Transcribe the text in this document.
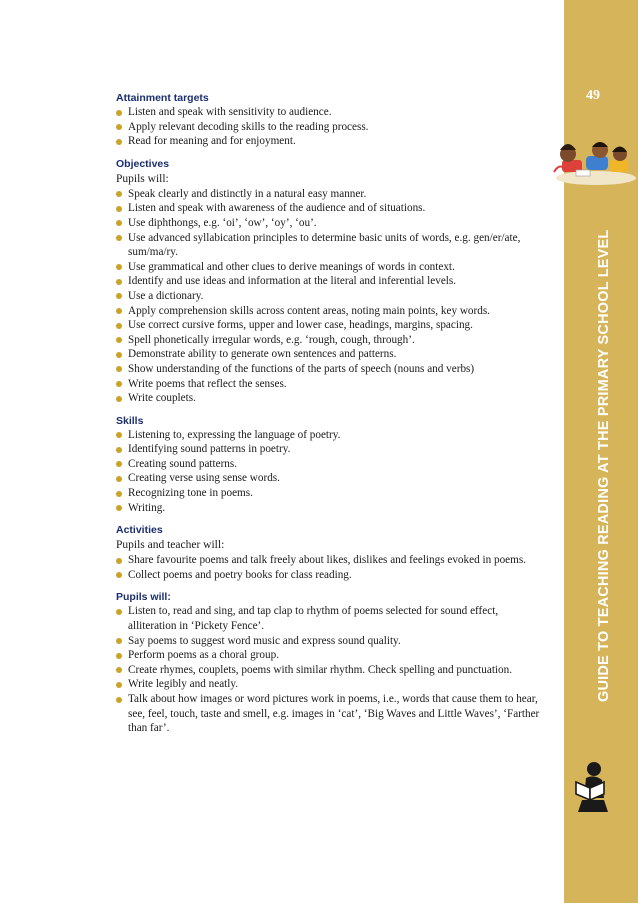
49
GUIDE TO TEACHING READING AT THE PRIMARY SCHOOL LEVEL

Attainment targets

Listen and speak with sensitivity to audience.
Apply relevant decoding skills to the reading process.
Read for meaning and for enjoyment.

Objectives

Pupils will:

Speak clearly and distinctly in a natural easy manner.
Listen and speak with awareness of the audience and of situations.
Use diphthongs, e.g. ‘oi’, ‘ow’, ‘oy’, ‘ou’.
Use advanced syllabication principles to determine basic units of words, e.g. gen/er/ate, sum/ma/ry.
Use grammatical and other clues to derive meanings of words in context.
Identify and use ideas and information at the literal and inferential levels.
Use a dictionary.
Apply comprehension skills across content areas, noting main points, key words.
Use correct cursive forms, upper and lower case, headings, margins, spacing.
Spell phonetically irregular words, e.g. ‘rough, cough, through’.
Demonstrate ability to generate own sentences and patterns.
Show understanding of the functions of the parts of speech (nouns and verbs)
Write poems that reflect the senses.
Write couplets.

Skills

Listening to, expressing the language of poetry.
Identifying sound patterns in poetry.
Creating sound patterns.
Creating verse using sense words.
Recognizing tone in poems.
Writing.

Activities

Pupils and teacher will:

Share favourite poems and talk freely about likes, dislikes and feelings evoked in poems.
Collect poems and poetry books for class reading.

Pupils will:

Listen to, read and sing, and tap clap to rhythm of poems selected for sound effect, alliteration in ‘Pickety Fence’.
Say poems to suggest word music and express sound quality.
Perform poems as a choral group.
Create rhymes, couplets, poems with similar rhythm. Check spelling and punctuation.
Write legibly and neatly.
Talk about how images or word pictures work in poems, i.e., words that cause them to hear, see, feel, touch, taste and smell, e.g. images in ‘cat’, ‘Big Waves and Little Waves’, ‘Farther than far’.
